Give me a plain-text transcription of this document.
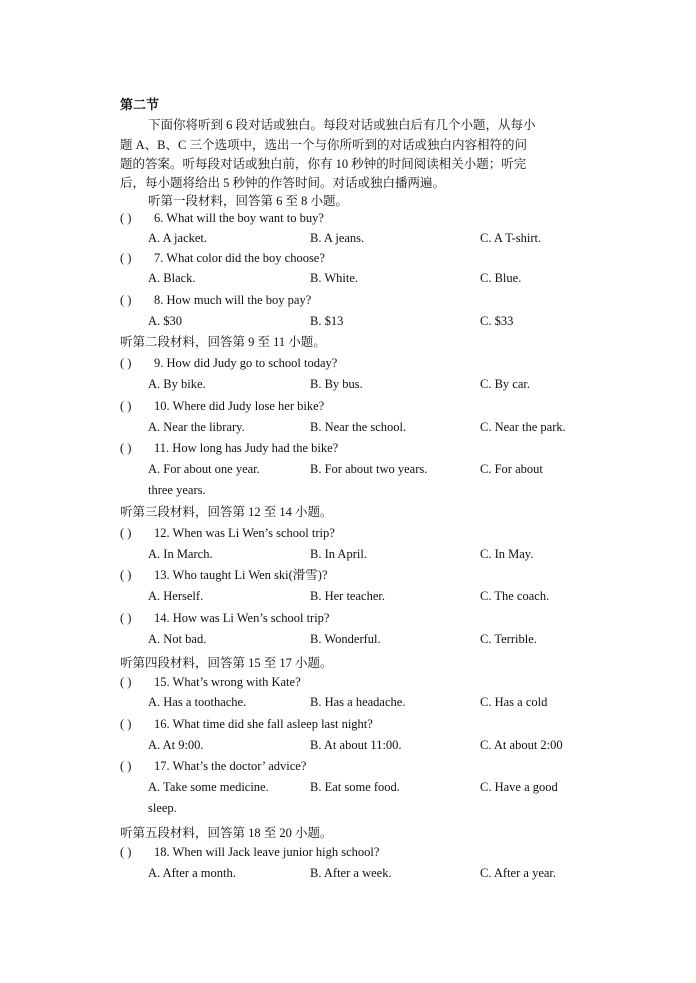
第二节
下面你将听到 6 段对话或独白。每段对话或独白后有几个小题，从每小
题 A、B、C 三个选项中，选出一个与你所听到的对话或独白内容相符的问
题的答案。听每段对话或独白前，你有 10 秒钟的时间阅读相关小题；听完
后，每小题将给出 5 秒钟的作答时间。对话或独白播两遍。
听第一段材料，回答第 6 至 8 小题。
( ) 6. What will the boy want to buy?
A. A jacket.	B. A jeans.	C. A T-shirt.
( ) 7. What color did the boy choose?
A. Black.	B. White.	C. Blue.
( ) 8. How much will the boy pay?
A. $30	B. $13	C. $33
听第二段材料，回答第 9 至 11 小题。
( ) 9. How did Judy go to school today?
A. By bike.	B. By bus.	C. By car.
( ) 10. Where did Judy lose her bike?
A. Near the library.	B. Near the school.	C. Near the park.
( ) 11. How long has Judy had the bike?
A. For about one year.	B. For about two years.	C. For about
three years.
听第三段材料，回答第 12 至 14 小题。
( ) 12. When was Li Wen’s school trip?
A. In March.	B. In April.	C. In May.
( ) 13. Who taught Li Wen ski(滑雪)?
A. Herself.	B. Her teacher.	C. The coach.
( ) 14. How was Li Wen’s school trip?
A. Not bad.	B. Wonderful.	C. Terrible.
听第四段材料，回答第 15 至 17 小题。
( ) 15. What’s wrong with Kate?
A. Has a toothache.	B. Has a headache.	C. Has a cold
( ) 16. What time did she fall asleep last night?
A. At 9:00.	B. At about 11:00.	C. At about 2:00
( ) 17. What’s the doctor’ advice?
A. Take some medicine.	B. Eat some food.	C. Have a good
sleep.
听第五段材料，回答第 18 至 20 小题。
( ) 18. When will Jack leave junior high school?
A. After a month.	B. After a week.	C. After a year.
